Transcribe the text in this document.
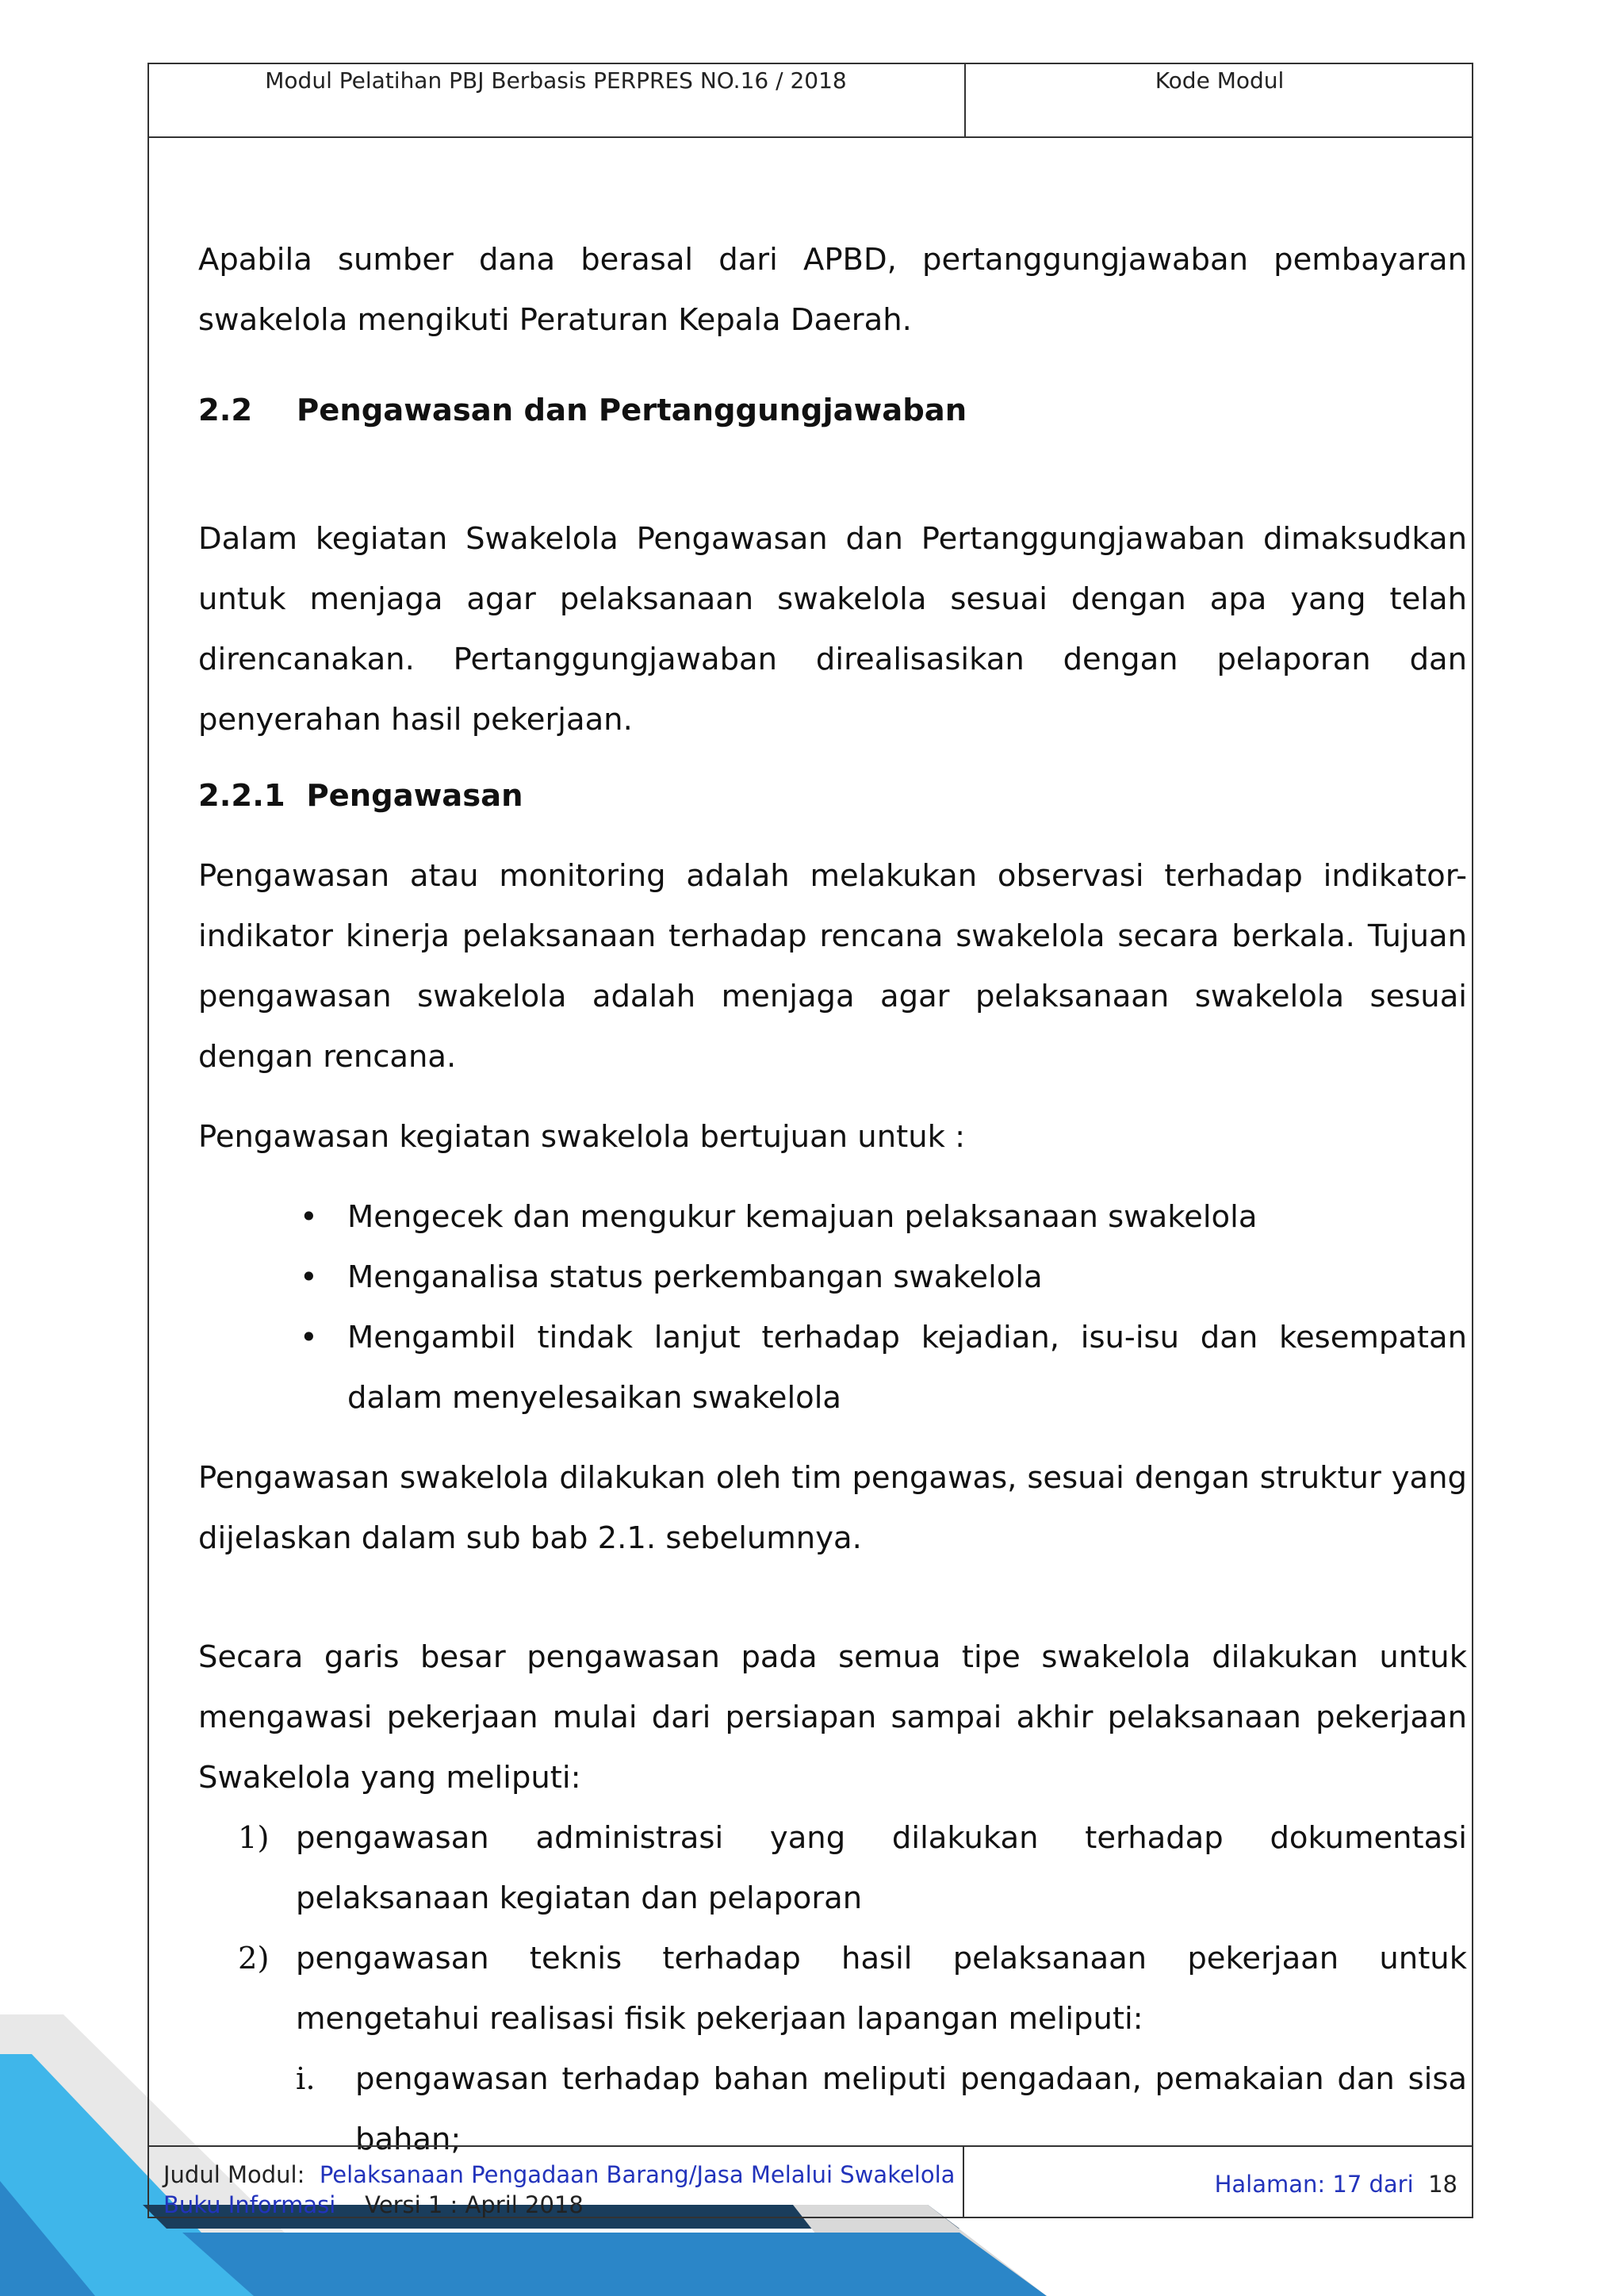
Modul Pelatihan PBJ Berbasis PERPRES NO.16 / 2018	Kode Modul

Apabila sumber dana berasal dari APBD, pertanggungjawaban pembayaran swakelola mengikuti Peraturan Kepala Daerah.

2.2 Pengawasan dan Pertanggungjawaban

Dalam kegiatan Swakelola Pengawasan dan Pertanggungjawaban dimaksudkan untuk menjaga agar pelaksanaan swakelola sesuai dengan apa yang telah direncanakan. Pertanggungjawaban direalisasikan dengan pelaporan dan penyerahan hasil pekerjaan.

2.2.1 Pengawasan

Pengawasan atau monitoring adalah melakukan observasi terhadap indikator-indikator kinerja pelaksanaan terhadap rencana swakelola secara berkala. Tujuan pengawasan swakelola adalah menjaga agar pelaksanaan swakelola sesuai dengan rencana.

Pengawasan kegiatan swakelola bertujuan untuk :

• Mengecek dan mengukur kemajuan pelaksanaan swakelola
• Menganalisa status perkembangan swakelola
• Mengambil tindak lanjut terhadap kejadian, isu-isu dan kesempatan dalam menyelesaikan swakelola

Pengawasan swakelola dilakukan oleh tim pengawas, sesuai dengan struktur yang dijelaskan dalam sub bab 2.1. sebelumnya.

Secara garis besar pengawasan pada semua tipe swakelola dilakukan untuk mengawasi pekerjaan mulai dari persiapan sampai akhir pelaksanaan pekerjaan Swakelola yang meliputi:

1) pengawasan administrasi yang dilakukan terhadap dokumentasi pelaksanaan kegiatan dan pelaporan
2) pengawasan teknis terhadap hasil pelaksanaan pekerjaan untuk mengetahui realisasi fisik pekerjaan lapangan meliputi:
i. pengawasan terhadap bahan meliputi pengadaan, pemakaian dan sisa bahan;
Judul Modul: Pelaksanaan Pengadaan Barang/Jasa Melalui Swakelola
Buku Informasi Versi 1 : April 2018
Halaman: 17 dari 18
